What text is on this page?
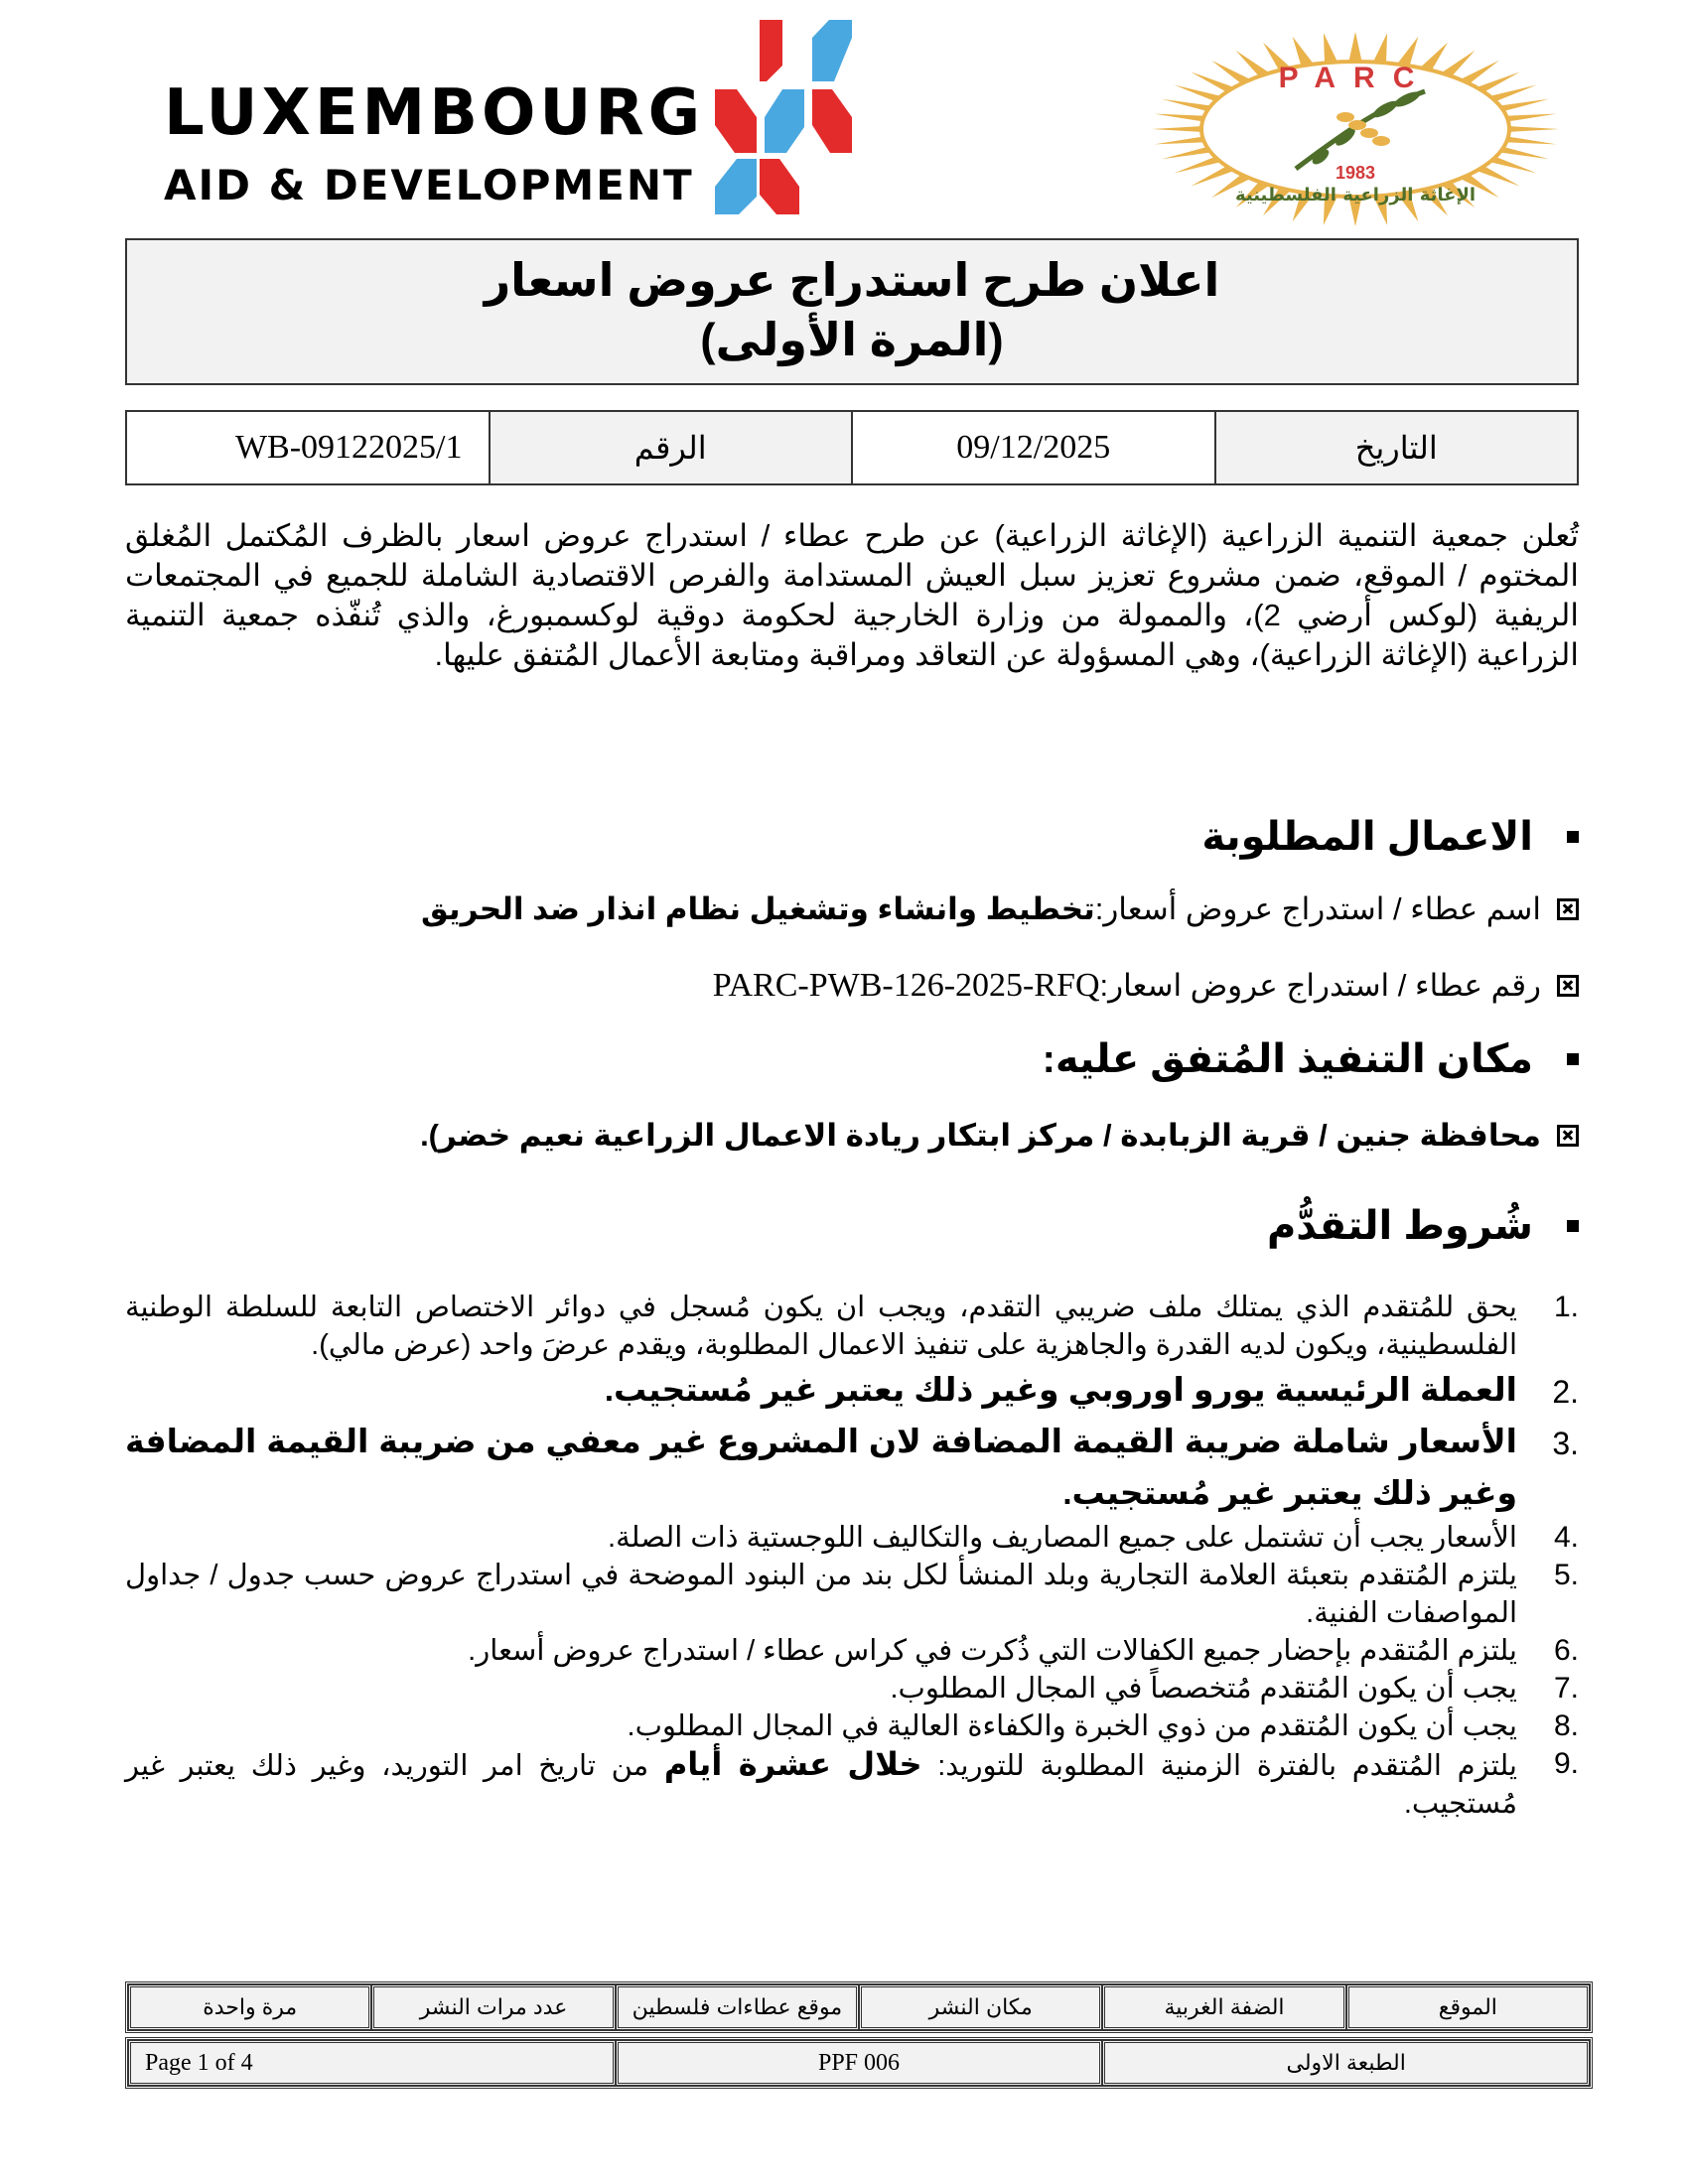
LUXEMBOURG
AID & DEVELOPMENT
PARC
1983
الإغاثة الزراعية الفلسطينية
اعلان طرح استدراج عروض اسعار
(المرة الأولى)
التاريخ	09/12/2025	الرقم	WB-09122025/1
تُعلن جمعية التنمية الزراعية (الإغاثة الزراعية) عن طرح عطاء / استدراج عروض اسعار بالظرف المُكتمل المُغلق المختوم / الموقع، ضمن مشروع تعزيز سبل العيش المستدامة والفرص الاقتصادية الشاملة للجميع في المجتمعات الريفية (لوكس أرضي 2)، والممولة من وزارة الخارجية لحكومة دوقية لوكسمبورغ، والذي تُنفّذه جمعية التنمية الزراعية (الإغاثة الزراعية)، وهي المسؤولة عن التعاقد ومراقبة ومتابعة الأعمال المُتفق عليها.
الاعمال المطلوبة
اسم عطاء / استدراج عروض أسعار:
تخطيط وانشاء وتشغيل نظام انذار ضد الحريق
رقم عطاء / استدراج عروض اسعار:
PARC-PWB-126-2025-RFQ
مكان التنفيذ المُتفق عليه:
محافظة جنين / قرية الزبابدة / مركز ابتكار ريادة الاعمال الزراعية نعيم خضر).
شُروط التقدُّم
1.
يحق للمُتقدم الذي يمتلك ملف ضريبي التقدم، ويجب ان يكون مُسجل في دوائر الاختصاص التابعة للسلطة الوطنية الفلسطينية، ويكون لديه القدرة والجاهزية على تنفيذ الاعمال المطلوبة، ويقدم عرضَ واحد (عرض مالي).
2.
العملة الرئيسية يورو اوروبي وغير ذلك يعتبر غير مُستجيب.
3.
الأسعار شاملة ضريبة القيمة المضافة لان المشروع غير معفي من ضريبة القيمة المضافة وغير ذلك يعتبر غير مُستجيب.
4.
الأسعار يجب أن تشتمل على جميع المصاريف والتكاليف اللوجستية ذات الصلة.
5.
يلتزم المُتقدم بتعبئة العلامة التجارية وبلد المنشأ لكل بند من البنود الموضحة في استدراج عروض حسب جدول / جداول المواصفات الفنية.
6.
يلتزم المُتقدم بإحضار جميع الكفالات التي ذُكرت في كراس عطاء / استدراج عروض أسعار.
7.
يجب أن يكون المُتقدم مُتخصصاً في المجال المطلوب.
8.
يجب أن يكون المُتقدم من ذوي الخبرة والكفاءة العالية في المجال المطلوب.
9.
يلتزم المُتقدم بالفترة الزمنية المطلوبة للتوريد: خلال عشرة أيام من تاريخ امر التوريد، وغير ذلك يعتبر غير مُستجيب.
الموقع	الضفة الغربية	مكان النشر	موقع عطاءات فلسطين	عدد مرات النشر	مرة واحدة
الطبعة الاولى	PPF 006	Page 1 of 4
